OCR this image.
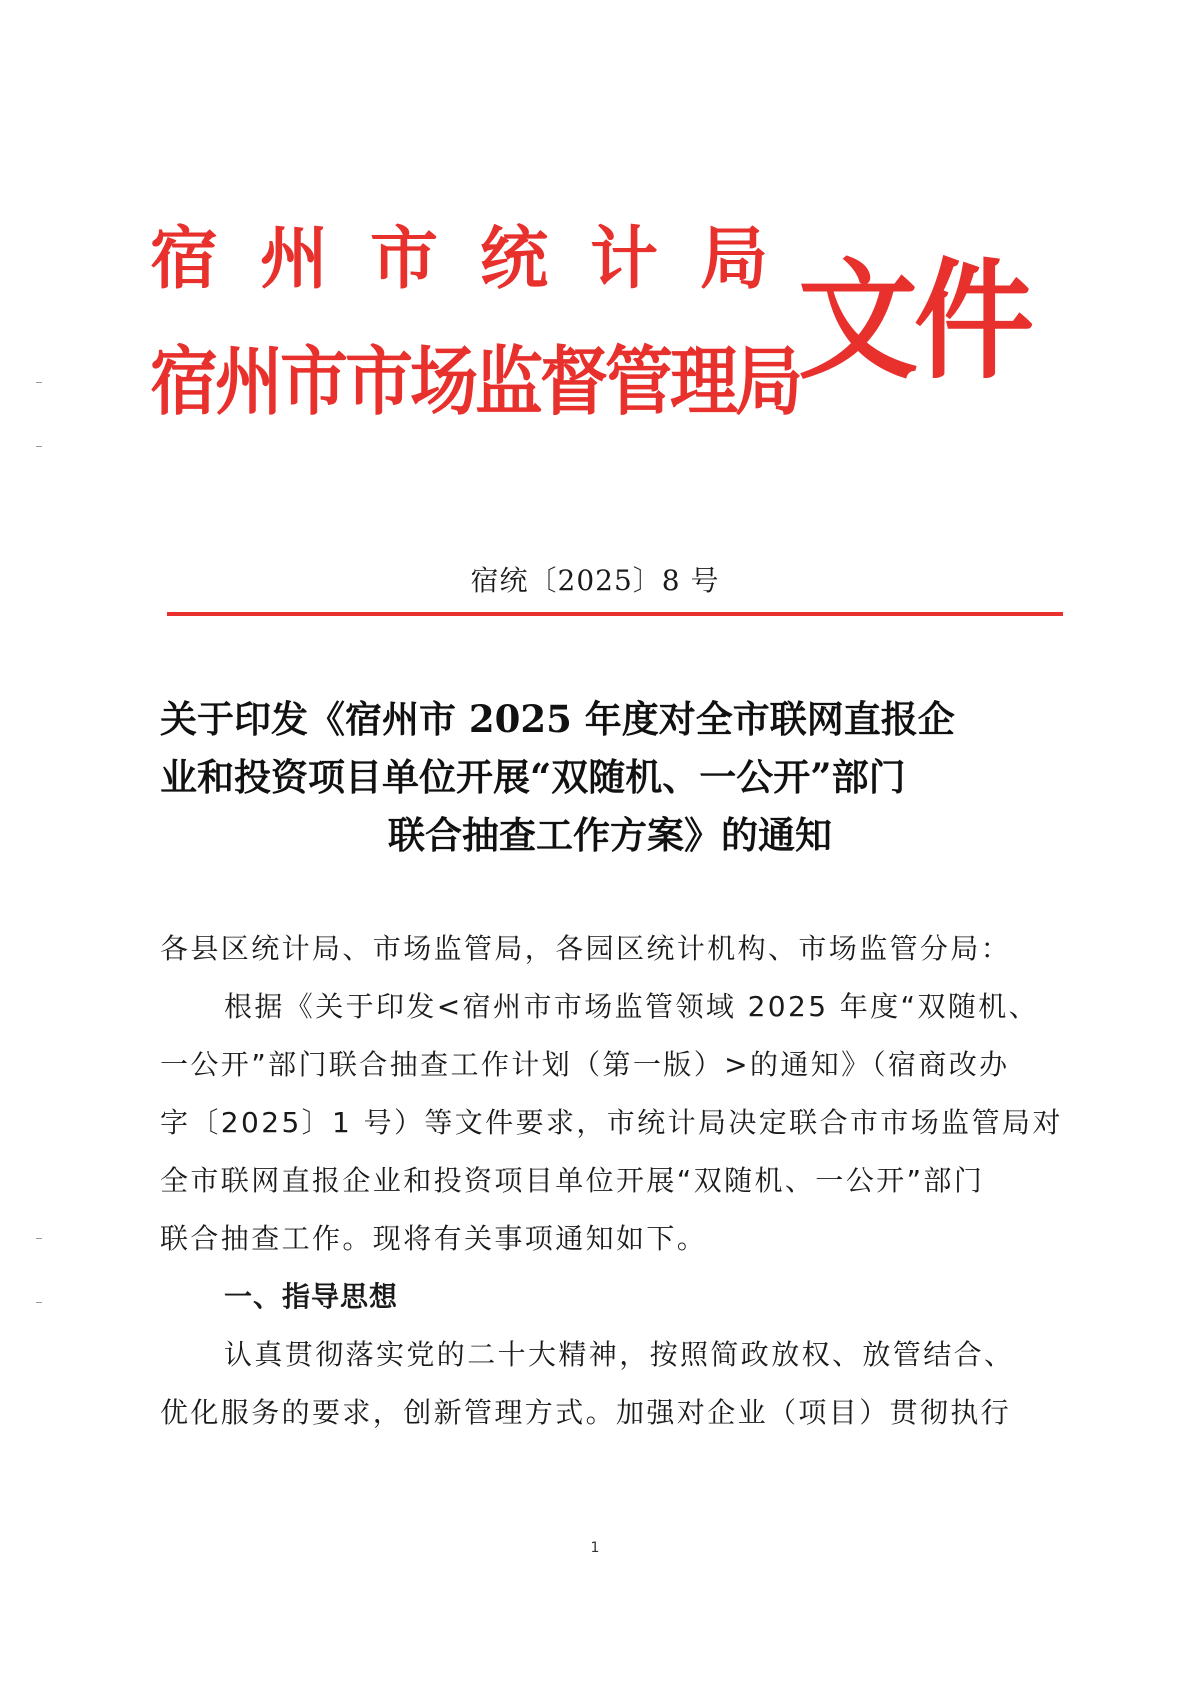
宿州市统计局
宿州市市场监督管理局
文件
宿统〔2025〕8 号
关于印发《宿州市 2025 年度对全市联网直报企
业和投资项目单位开展“双随机、一公开”部门
联合抽查工作方案》的通知
各县区统计局、市场监管局，各园区统计机构、市场监管分局：
根据《关于印发<宿州市市场监管领域 2025 年度“双随机、
一公开”部门联合抽查工作计划（第一版）>的通知》（宿商改办
字〔2025〕1 号）等文件要求，市统计局决定联合市市场监管局对
全市联网直报企业和投资项目单位开展“双随机、一公开”部门
联合抽查工作。现将有关事项通知如下。
一、指导思想
认真贯彻落实党的二十大精神，按照简政放权、放管结合、
优化服务的要求，创新管理方式。加强对企业（项目）贯彻执行
1
